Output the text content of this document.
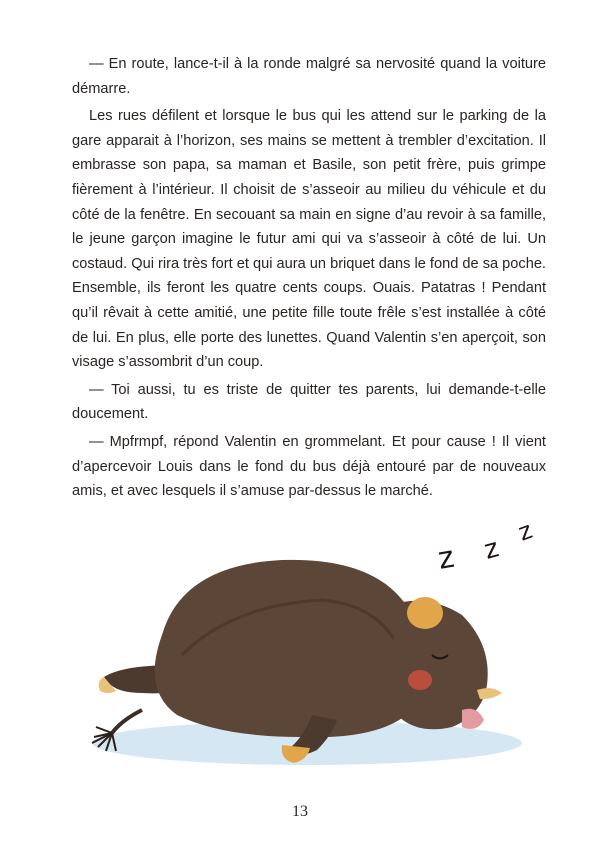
— En route, lance-t-il à la ronde malgré sa nervosité quand la voiture démarre.

Les rues défilent et lorsque le bus qui les attend sur le parking de la gare apparait à l’horizon, ses mains se mettent à trembler d’excitation. Il embrasse son papa, sa maman et Basile, son petit frère, puis grimpe fièrement à l’intérieur. Il choisit de s’asseoir au milieu du véhicule et du côté de la fenêtre. En secouant sa main en signe d’au revoir à sa famille, le jeune garçon imagine le futur ami qui va s’asseoir à côté de lui. Un costaud. Qui rira très fort et qui aura un briquet dans le fond de sa poche. Ensemble, ils feront les quatre cents coups. Ouais. Patatras ! Pendant qu’il rêvait à cette amitié, une petite fille toute frêle s’est installée à côté de lui. En plus, elle porte des lunettes. Quand Valentin s’en aperçoit, son visage s’assombrit d’un coup.

— Toi aussi, tu es triste de quitter tes parents, lui demande-t-elle doucement.

— Mpfrmpf, répond Valentin en grommelant. Et pour cause ! Il vient d’apercevoir Louis dans le fond du bus déjà entouré par de nouveaux amis, et avec lesquels il s’amuse par-dessus le marché.

z z
z
13
